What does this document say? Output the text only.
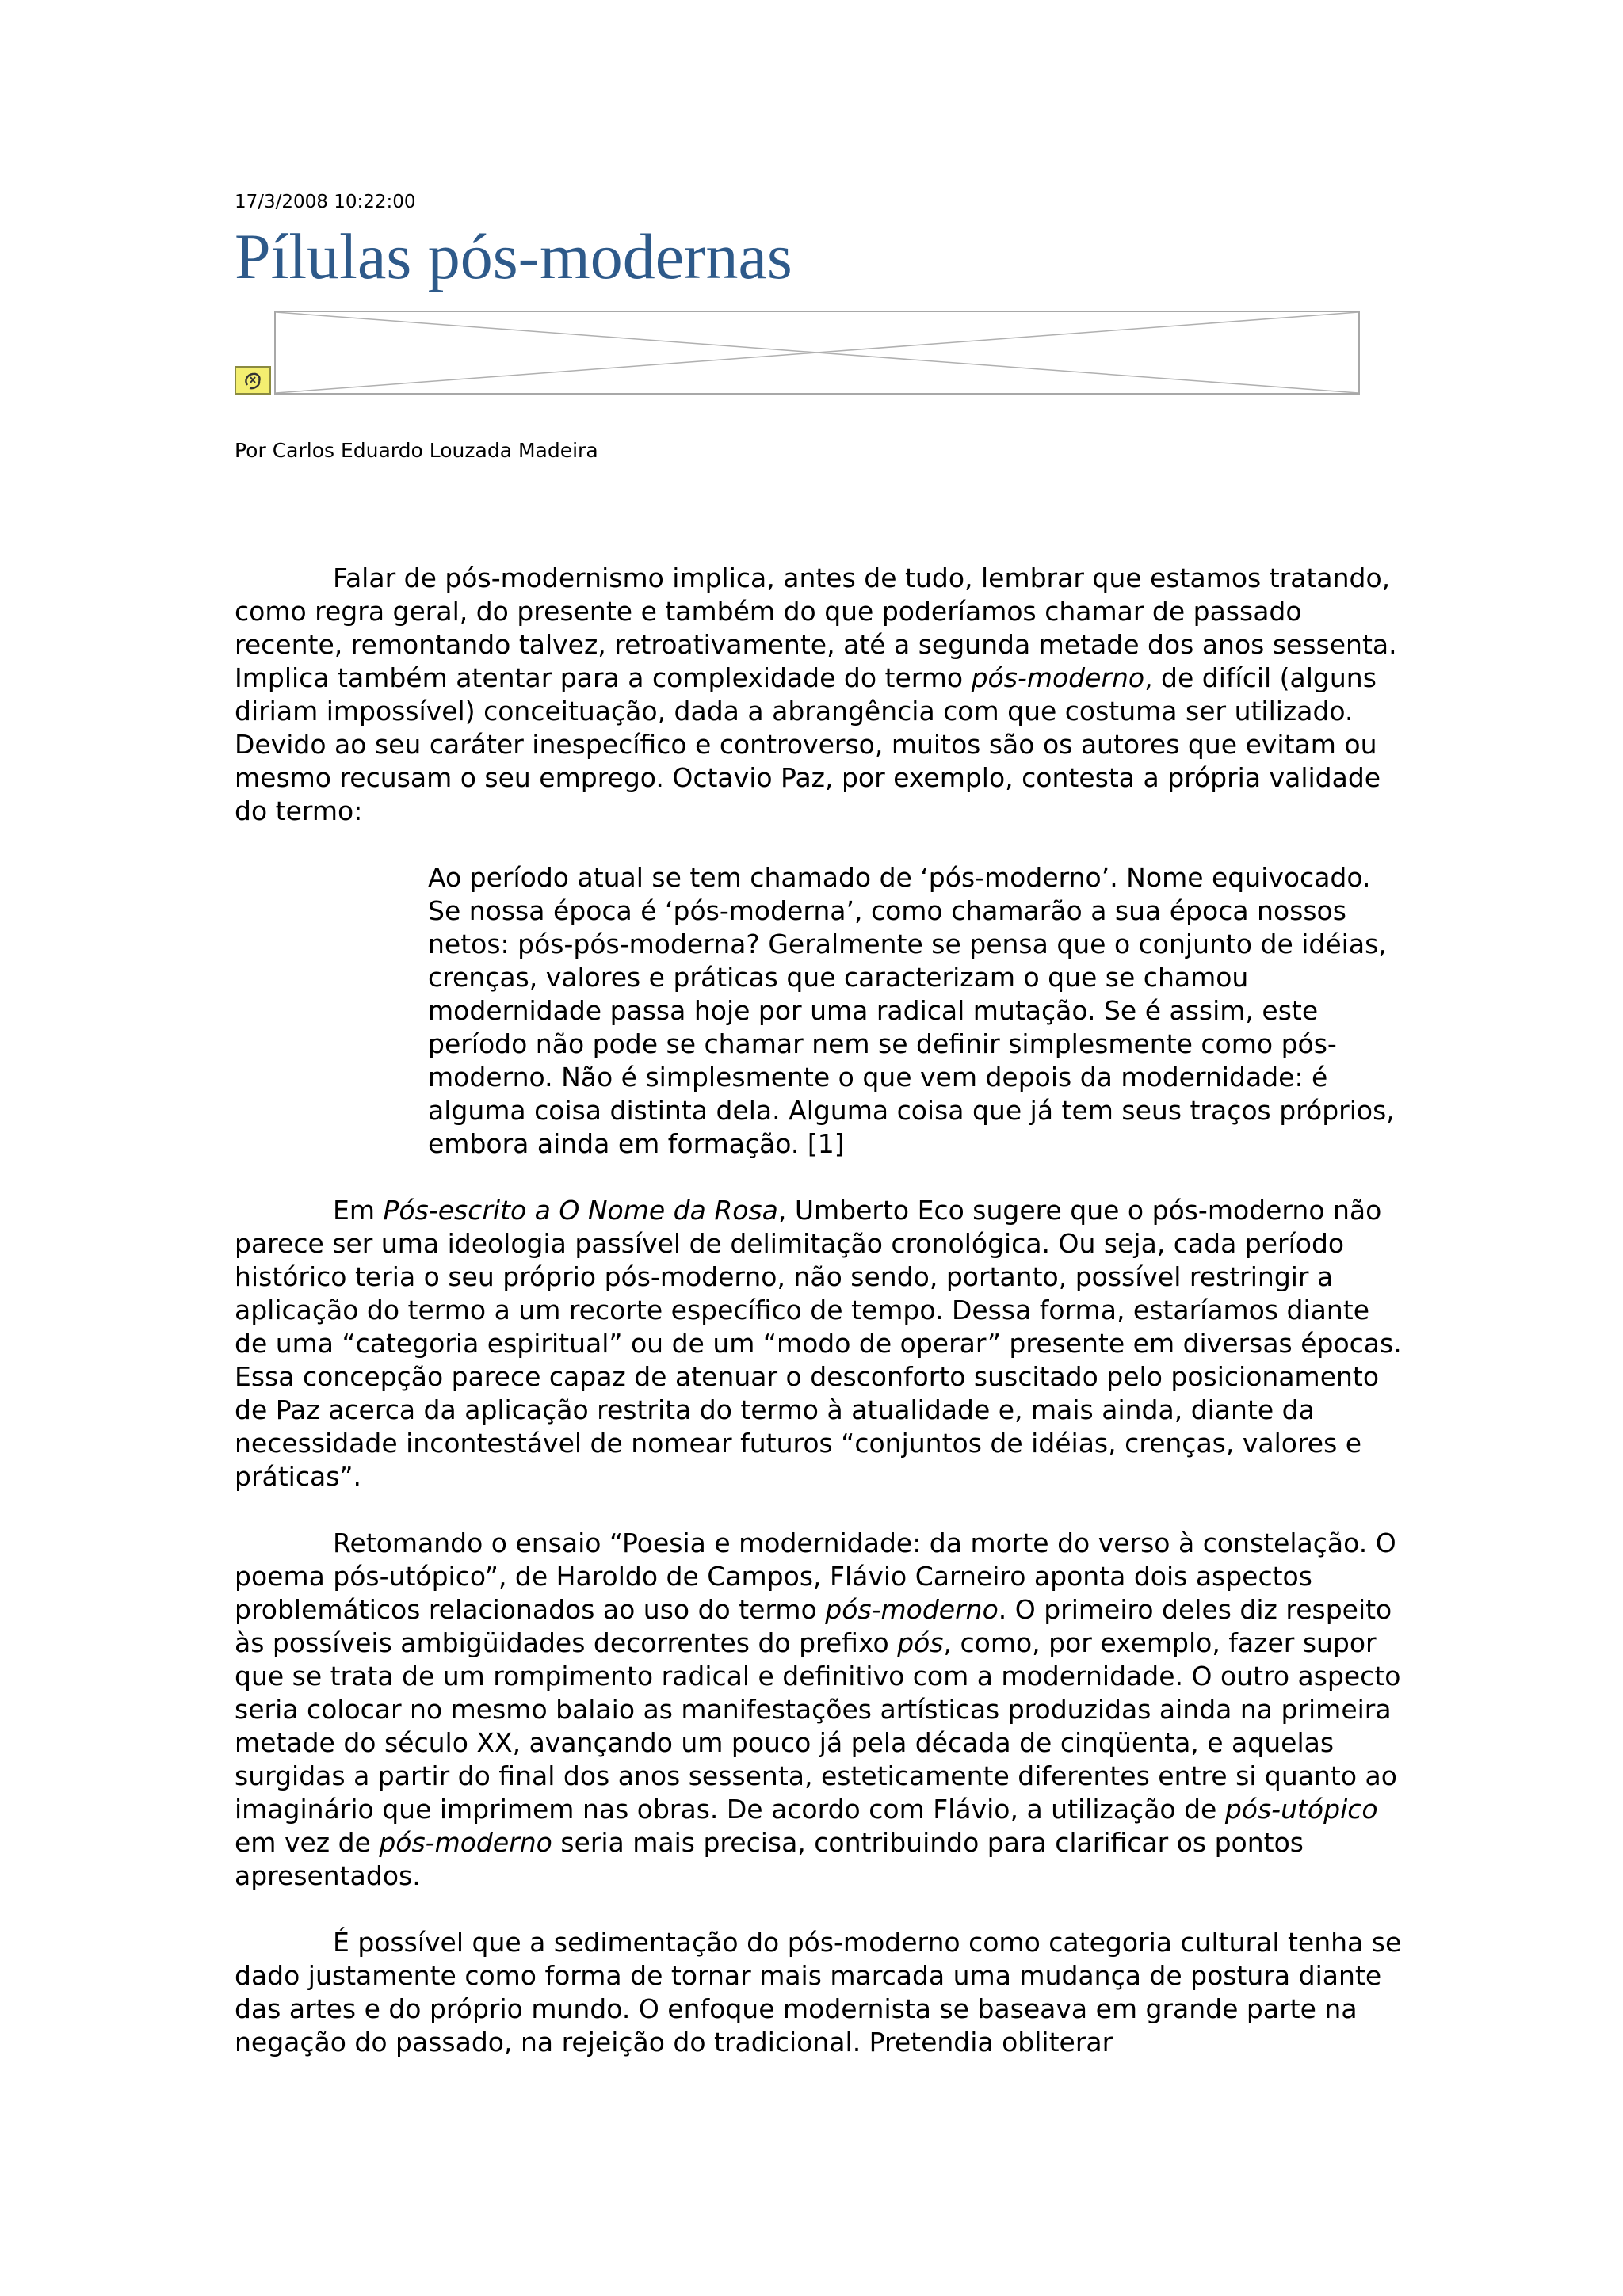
17/3/2008 10:22:00
Pílulas pós-modernas
Por Carlos Eduardo Louzada Madeira

Falar de pós-modernismo implica, antes de tudo, lembrar que estamos tratando, como regra geral, do presente e também do que poderíamos chamar de passado recente, remontando talvez, retroativamente, até a segunda metade dos anos sessenta. Implica também atentar para a complexidade do termo pós-moderno, de difícil (alguns diriam impossível) conceituação, dada a abrangência com que costuma ser utilizado. Devido ao seu caráter inespecífico e controverso, muitos são os autores que evitam ou mesmo recusam o seu emprego. Octavio Paz, por exemplo, contesta a própria validade do termo:

Ao período atual se tem chamado de ‘pós-moderno’. Nome equivocado. Se nossa época é ‘pós-moderna’, como chamarão a sua época nossos netos: pós-pós-moderna? Geralmente se pensa que o conjunto de idéias, crenças, valores e práticas que caracterizam o que se chamou modernidade passa hoje por uma radical mutação. Se é assim, este período não pode se chamar nem se definir simplesmente como pós-moderno. Não é simplesmente o que vem depois da modernidade: é alguma coisa distinta dela. Alguma coisa que já tem seus traços próprios, embora ainda em formação. [1]

Em Pós-escrito a O Nome da Rosa, Umberto Eco sugere que o pós-moderno não parece ser uma ideologia passível de delimitação cronológica. Ou seja, cada período histórico teria o seu próprio pós-moderno, não sendo, portanto, possível restringir a aplicação do termo a um recorte específico de tempo. Dessa forma, estaríamos diante de uma “categoria espiritual” ou de um “modo de operar” presente em diversas épocas. Essa concepção parece capaz de atenuar o desconforto suscitado pelo posicionamento de Paz acerca da aplicação restrita do termo à atualidade e, mais ainda, diante da necessidade incontestável de nomear futuros “conjuntos de idéias, crenças, valores e práticas”.

Retomando o ensaio “Poesia e modernidade: da morte do verso à constelação. O poema pós-utópico”, de Haroldo de Campos, Flávio Carneiro aponta dois aspectos problemáticos relacionados ao uso do termo pós-moderno. O primeiro deles diz respeito às possíveis ambigüidades decorrentes do prefixo pós, como, por exemplo, fazer supor que se trata de um rompimento radical e definitivo com a modernidade. O outro aspecto seria colocar no mesmo balaio as manifestações artísticas produzidas ainda na primeira metade do século XX, avançando um pouco já pela década de cinqüenta, e aquelas surgidas a partir do final dos anos sessenta, esteticamente diferentes entre si quanto ao imaginário que imprimem nas obras. De acordo com Flávio, a utilização de pós-utópico em vez de pós-moderno seria mais precisa, contribuindo para clarificar os pontos apresentados.

É possível que a sedimentação do pós-moderno como categoria cultural tenha se dado justamente como forma de tornar mais marcada uma mudança de postura diante das artes e do próprio mundo. O enfoque modernista se baseava em grande parte na negação do passado, na rejeição do tradicional. Pretendia obliterar
